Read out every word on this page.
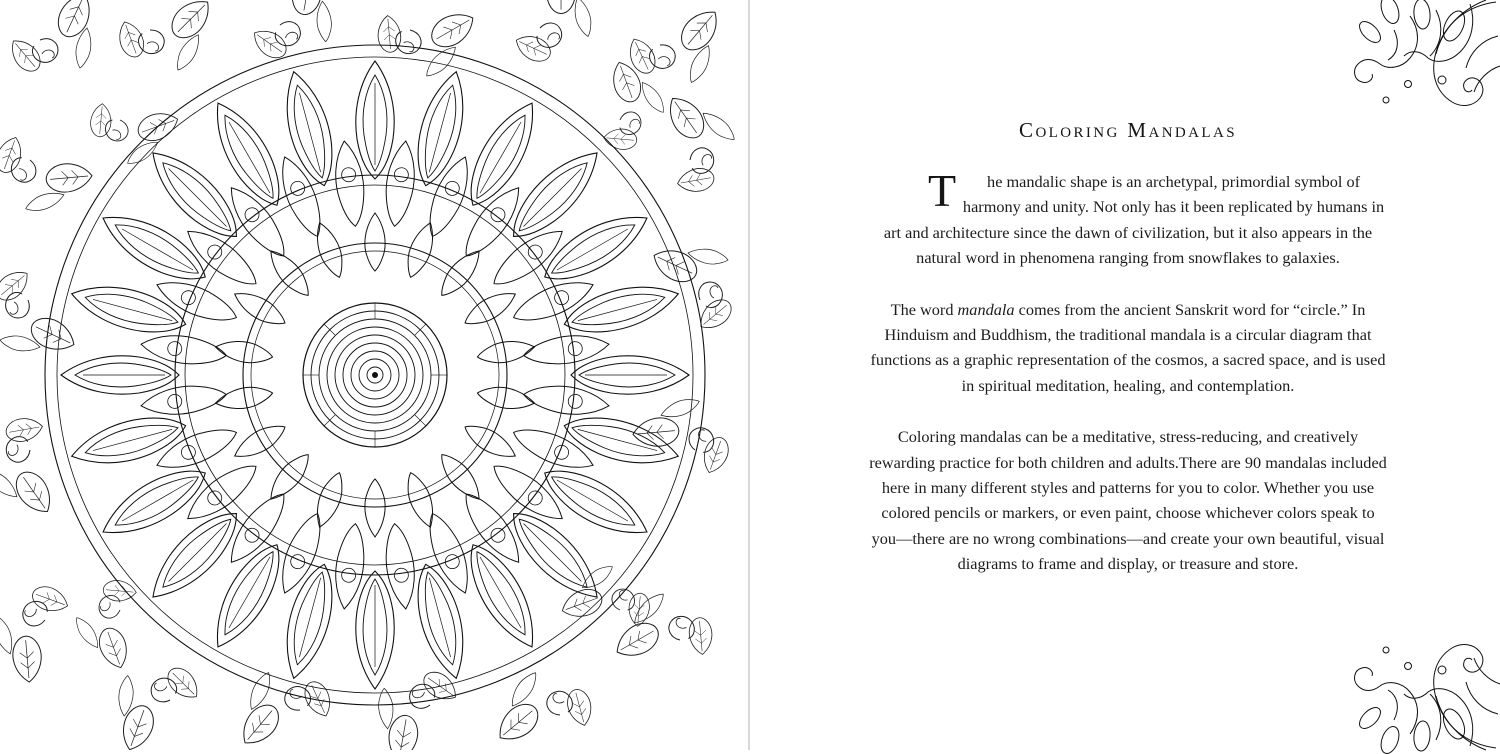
Coloring Mandalas

T	he mandalic shape is an archetypal, primordial symbol of harmony and unity. Not only has it been replicated by humans in art and architecture since the dawn of civilization, but it also appears in the natural word in phenomena ranging from snowflakes to galaxies.

The word mandala comes from the ancient Sanskrit word for “circle.” In Hinduism and Buddhism, the traditional mandala is a circular diagram that functions as a graphic representation of the cosmos, a sacred space, and is used in spiritual meditation, healing, and contemplation.

Coloring mandalas can be a meditative, stress-reducing, and creatively rewarding practice for both children and adults.There are 90 mandalas included here in many different styles and patterns for you to color. Whether you use colored pencils or markers, or even paint, choose whichever colors speak to you—there are no wrong combinations—and create your own beautiful, visual diagrams to frame and display, or treasure and store.
